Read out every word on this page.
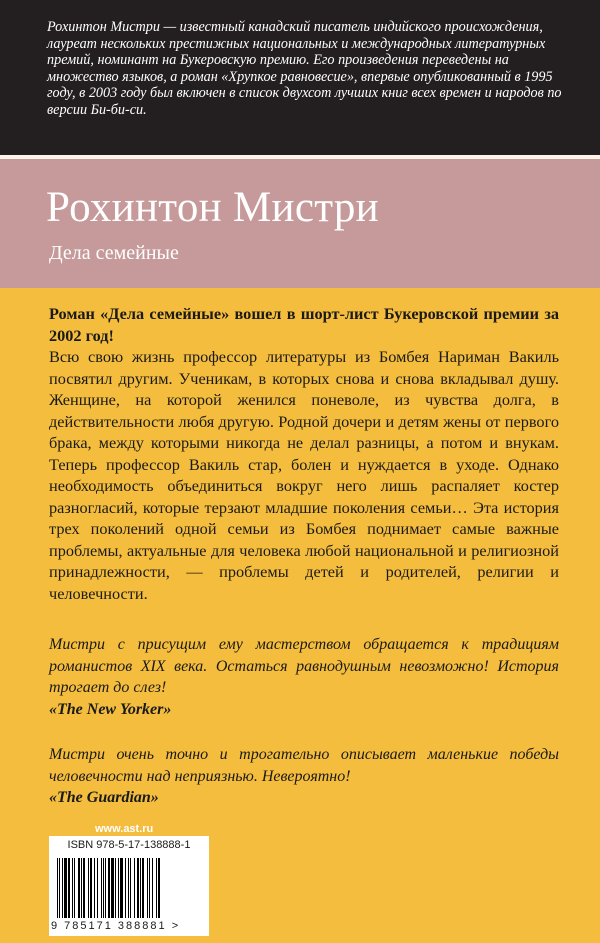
Рохинтон Мистри — известный канадский писатель индийского происхождения, лауреат нескольких престижных национальных и международных литературных премий, номинант на Букеровскую премию. Его произведения переведены на множество языков, а роман «Хрупкое равновесие», впервые опубликованный в 1995 году, в 2003 году был включен в список двухсот лучших книг всех времен и народов по версии Би-би-си.

Рохинтон Мистри
Дела семейные

Роман «Дела семейные» вошел в шорт-лист Букеровской премии за 2002 год!

Всю свою жизнь профессор литературы из Бомбея Нариман Вакиль посвятил другим. Ученикам, в которых снова и снова вкладывал душу. Женщине, на которой женился поневоле, из чувства долга, в действительности любя другую. Родной дочери и детям жены от первого брака, между которыми никогда не делал разницы, а потом и внукам. Теперь профессор Вакиль стар, болен и нуждается в уходе. Однако необходимость объединиться вокруг него лишь распаляет костер разногласий, которые терзают младшие поколения семьи… Эта история трех поколений одной семьи из Бомбея поднимает самые важные проблемы, актуальные для человека любой национальной и религиозной принадлежности, — проблемы детей и родителей, религии и человечности.

Мистри с присущим ему мастерством обращается к традициям романистов XIX века. Остаться равнодушным невозможно! История трогает до слез!

«The New Yorker»

Мистри очень точно и трогательно описывает маленькие победы человечности над неприязнью. Невероятно!

«The Guardian»

www.ast.ru

ISBN 978-5-17-138888-1

9 785171 388881 >
